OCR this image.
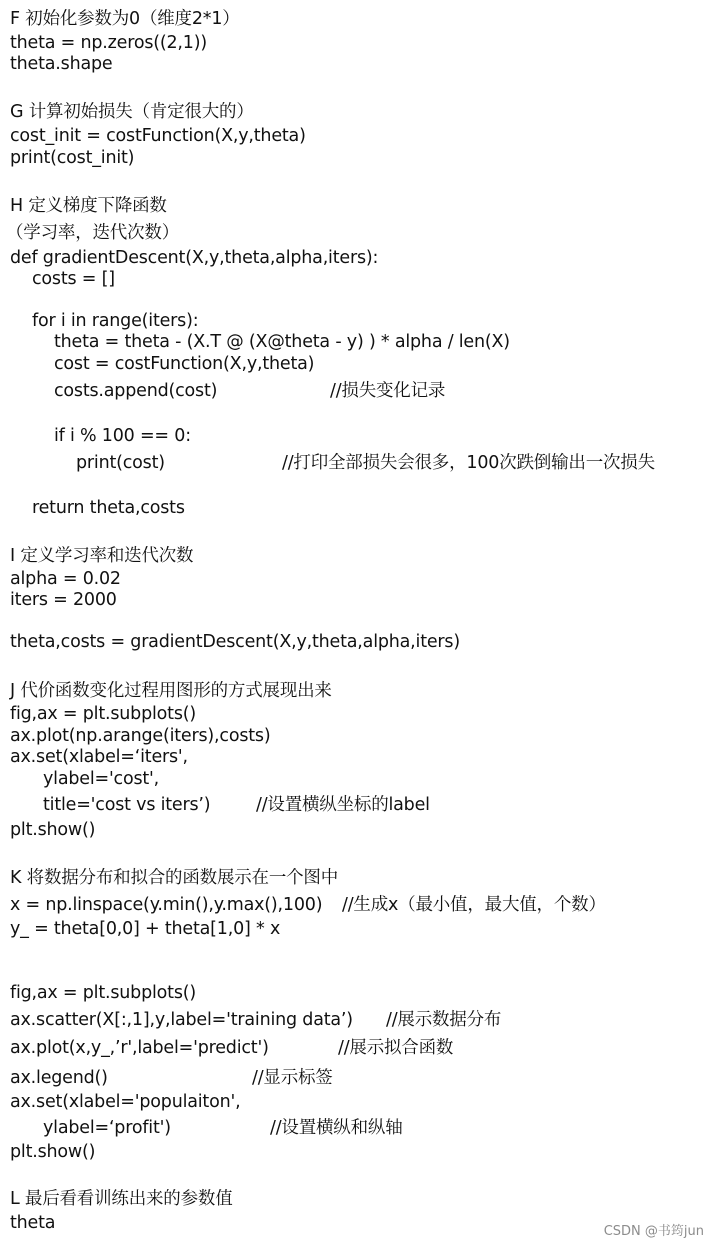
F 初始化参数为0（维度2*1）
theta = np.zeros((2,1))
theta.shape
G 计算初始损失（肯定很大的）
cost_init = costFunction(X,y,theta)
print(cost_init)
H 定义梯度下降函数
（学习率，迭代次数）
def gradientDescent(X,y,theta,alpha,iters):
costs = []
for i in range(iters):
theta = theta - (X.T @ (X@theta - y) ) * alpha / len(X)
cost = costFunction(X,y,theta)
costs.append(cost)	//损失变化记录
if i % 100 == 0:
print(cost)	//打印全部损失会很多，100次跌倒输出一次损失
return theta,costs
I 定义学习率和迭代次数
alpha = 0.02
iters = 2000
theta,costs = gradientDescent(X,y,theta,alpha,iters)
J 代价函数变化过程用图形的方式展现出来
fig,ax = plt.subplots()
ax.plot(np.arange(iters),costs)
ax.set(xlabel=‘iters',
ylabel='cost',
title='cost vs iters’)	//设置横纵坐标的label
plt.show()
K 将数据分布和拟合的函数展示在一个图中
x = np.linspace(y.min(),y.max(),100) //生成x（最小值，最大值，个数）
y_ = theta[0,0] + theta[1,0] * x
fig,ax = plt.subplots()
ax.scatter(X[:,1],y,label='training data’) //展示数据分布
ax.plot(x,y_,’r',label='predict')	//展示拟合函数
ax.legend()	//显示标签
ax.set(xlabel='populaiton',
ylabel=‘profit')	//设置横纵和纵轴
plt.show()
L 最后看看训练出来的参数值
theta	CSDN @书筠jun
